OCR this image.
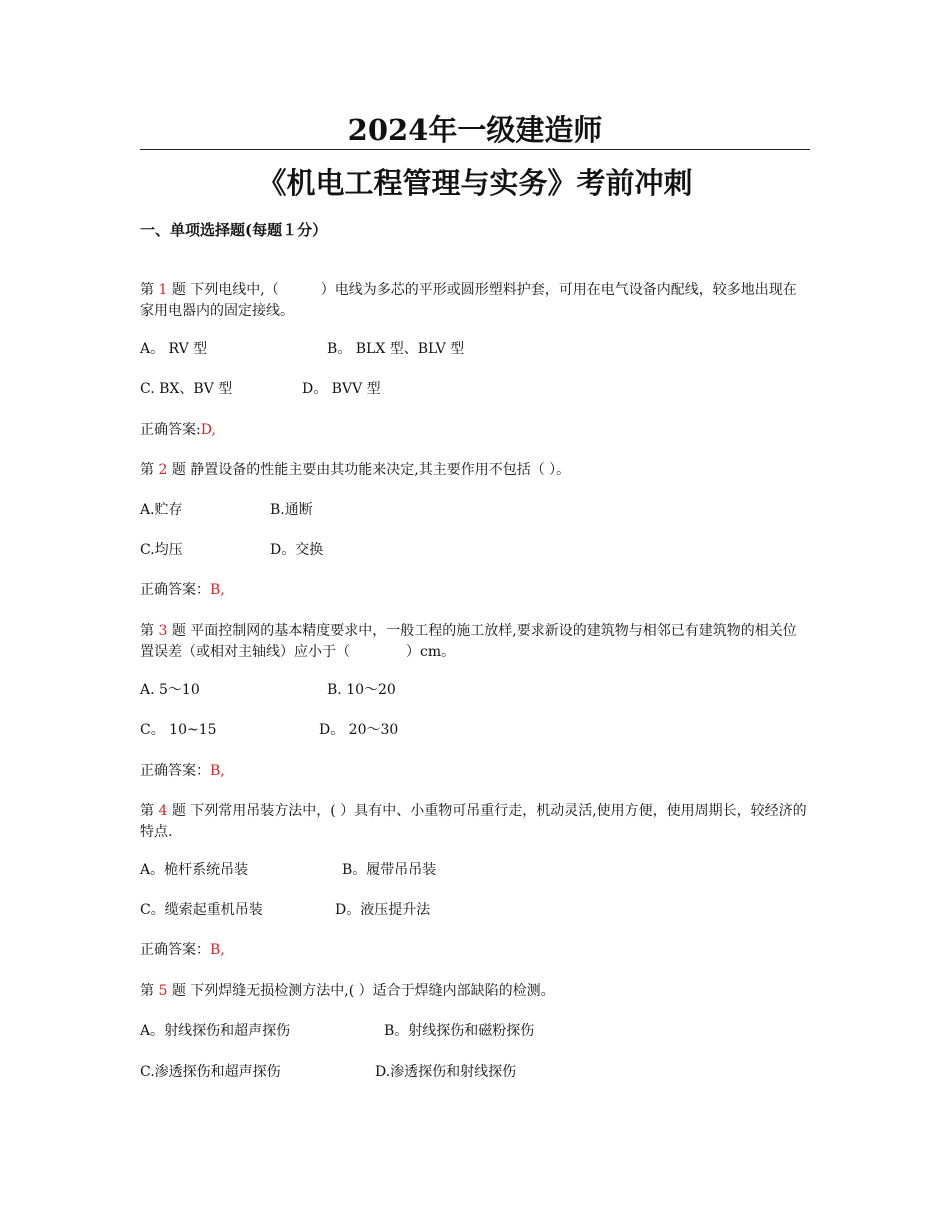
2024年一级建造师
《机电工程管理与实务》考前冲刺
一、单项选择题(每题１分）
第 1 题 下列电线中,（　　　）电线为多芯的平形或圆形塑料护套，可用在电气设备内配线，较多地出现在家用电器内的固定接线。
A。 RV 型	B。 BLX 型、BLV 型
C. BX、BV 型	D。 BVV 型
正确答案:D,
第 2 题 静置设备的性能主要由其功能来决定,其主要作用不包括（ ）。
A.贮存	B.通断
C.均压	D。交换
正确答案：B,
第 3 题 平面控制网的基本精度要求中，一般工程的施工放样,要求新设的建筑物与相邻已有建筑物的相关位置误差（或相对主轴线）应小于（　　　　）cm。
A. 5～10	B. 10～20
C。 10~15	D。 20～30
正确答案：B,
第 4 题 下列常用吊装方法中，( ）具有中、小重物可吊重行走，机动灵活,使用方便，使用周期长，较经济的特点.
A。桅杆系统吊装	B。履带吊吊装
C。缆索起重机吊装	D。液压提升法
正确答案：B,
第 5 题 下列焊缝无损检测方法中,( ）适合于焊缝内部缺陷的检测。
A。射线探伤和超声探伤	B。射线探伤和磁粉探伤
C.渗透探伤和超声探伤	D.渗透探伤和射线探伤
